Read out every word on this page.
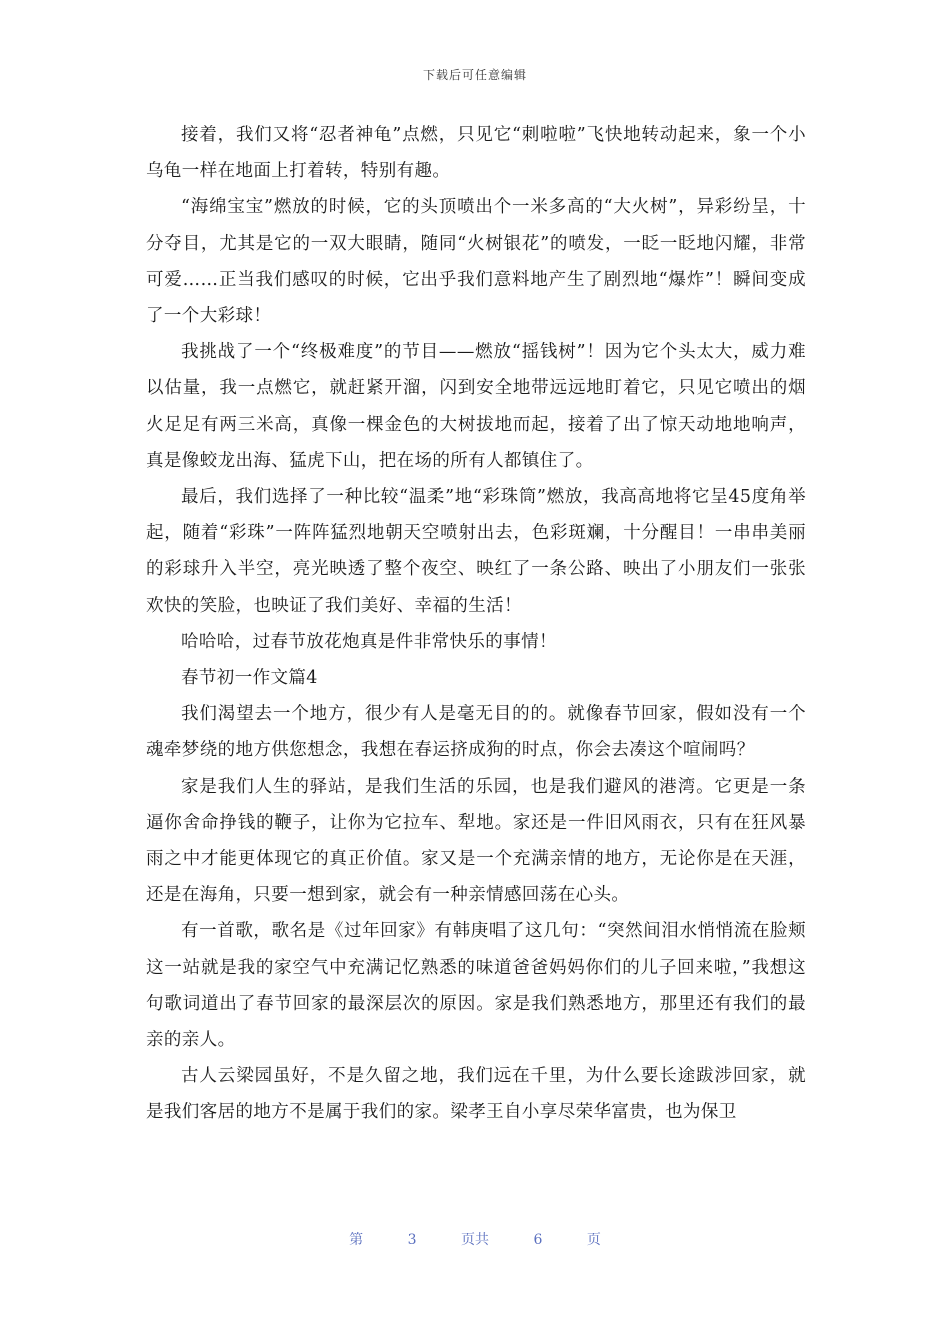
下载后可任意编辑

接着，我们又将“忍者神龟”点燃，只见它“刺啦啦”飞快地转动起来，象一个小乌龟一样在地面上打着转，特别有趣。

“海绵宝宝”燃放的时候，它的头顶喷出个一米多高的“大火树”，异彩纷呈，十分夺目，尤其是它的一双大眼睛，随同“火树银花”的喷发，一眨一眨地闪耀，非常可爱……正当我们感叹的时候，它出乎我们意料地产生了剧烈地“爆炸”！瞬间变成了一个大彩球！

我挑战了一个“终极难度”的节目——燃放“摇钱树”！因为它个头太大，威力难以估量，我一点燃它，就赶紧开溜，闪到安全地带远远地盯着它，只见它喷出的烟火足足有两三米高，真像一棵金色的大树拔地而起，接着了出了惊天动地地响声，真是像蛟龙出海、猛虎下山，把在场的所有人都镇住了。

最后，我们选择了一种比较“温柔”地“彩珠筒”燃放，我高高地将它呈45度角举起，随着“彩珠”一阵阵猛烈地朝天空喷射出去，色彩斑斓，十分醒目！一串串美丽的彩球升入半空，亮光映透了整个夜空、映红了一条公路、映出了小朋友们一张张欢快的笑脸，也映证了我们美好、幸福的生活！

哈哈哈，过春节放花炮真是件非常快乐的事情！

春节初一作文篇4

我们渴望去一个地方，很少有人是毫无目的的。就像春节回家，假如没有一个魂牵梦绕的地方供您想念，我想在春运挤成狗的时点，你会去凑这个喧闹吗？

家是我们人生的驿站，是我们生活的乐园，也是我们避风的港湾。它更是一条逼你舍命挣钱的鞭子，让你为它拉车、犁地。家还是一件旧风雨衣，只有在狂风暴雨之中才能更体现它的真正价值。家又是一个充满亲情的地方，无论你是在天涯，还是在海角，只要一想到家，就会有一种亲情感回荡在心头。

有一首歌，歌名是《过年回家》有韩庚唱了这几句：“突然间泪水悄悄流在脸颊这一站就是我的家空气中充满记忆熟悉的味道爸爸妈妈你们的儿子回来啦，”我想这句歌词道出了春节回家的最深层次的原因。家是我们熟悉地方，那里还有我们的最亲的亲人。

古人云梁园虽好，不是久留之地，我们远在千里，为什么要长途跋涉回家，就是我们客居的地方不是属于我们的家。梁孝王自小享尽荣华富贵，也为保卫

第	3	页共	6	页
